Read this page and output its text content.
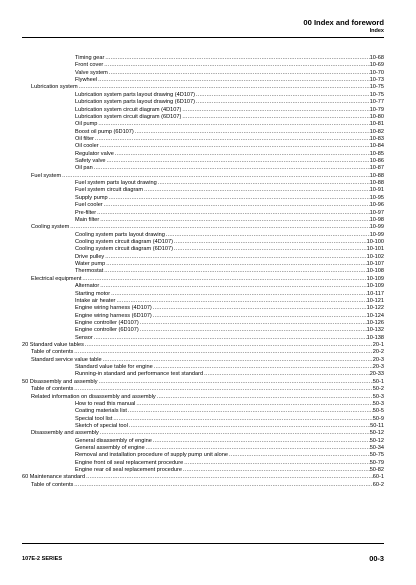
00 Index and foreword
Index
Timing gear .....	10-68
Front cover .....	10-69
Valve system .....	10-70
Flywheel .....	10-73
Lubrication system .....	10-75
Lubrication system parts layout drawing (4D107) .....	10-75
Lubrication system parts layout drawing (6D107) .....	10-77
Lubrication system circuit diagram (4D107) .....	10-79
Lubrication system circuit diagram (6D107) .....	10-80
Oil pump .....	10-81
Boost oil pump (6D107) .....	10-82
Oil filter .....	10-83
Oil cooler .....	10-84
Regulator valve .....	10-85
Safety valve .....	10-86
Oil pan .....	10-87
Fuel system .....	10-88
Fuel system parts layout drawing .....	10-88
Fuel system circuit diagram .....	10-91
Supply pump .....	10-95
Fuel cooler .....	10-96
Pre-filter .....	10-97
Main filter .....	10-98
Cooling system .....	10-99
Cooling system parts layout drawing .....	10-99
Cooling system circuit diagram (4D107) .....	10-100
Cooling system circuit diagram (6D107) .....	10-101
Drive pulley .....	10-102
Water pump .....	10-107
Thermostat .....	10-108
Electrical equipment .....	10-109
Alternator .....	10-109
Starting motor .....	10-117
Intake air heater .....	10-121
Engine wiring harness (4D107) .....	10-122
Engine wiring harness (6D107) .....	10-124
Engine controller (4D107) .....	10-126
Engine controller (6D107) .....	10-132
Sensor .....	10-138
20 Standard value tables .....	20-1
Table of contents .....	20-2
Standard service value table .....	20-3
Standard value table for engine .....	20-3
Running-in standard and performance test standard .....	20-33
50 Disassembly and assembly .....	50-1
Table of contents .....	50-2
Related information on disassembly and assembly .....	50-3
How to read this manual .....	50-3
Coating materials list .....	50-5
Special tool list .....	50-9
Sketch of special tool .....	50-11
Disassembly and assembly .....	50-12
General disassembly of engine .....	50-12
General assembly of engine .....	50-34
Removal and installation procedure of supply pump unit alone .....	50-75
Engine front oil seal replacement procedure .....	50-79
Engine rear oil seal replacement procedure .....	50-82
60 Maintenance standard .....	60-1
Table of contents .....	60-2
107E-2 SERIES	00-3
